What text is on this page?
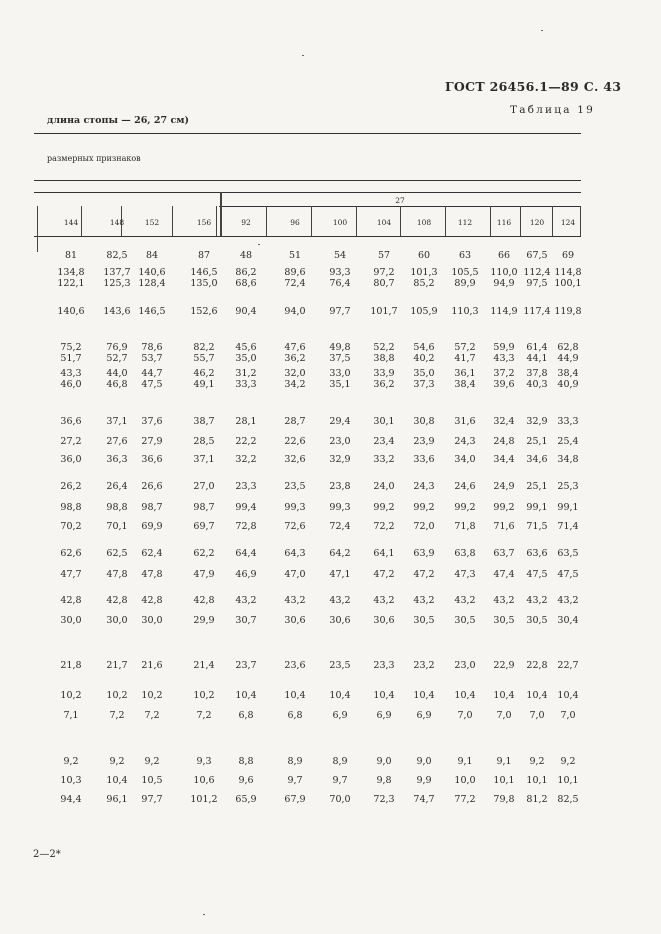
ГОСТ 26456.1—89 С. 43
Таблица 19
длина стопы — 26, 27 см)
размерных признаков
27
144	148	152	156	92	96	100	104	108	112	116	120	124
81	82,5	84	87	48	51	54	57	60	63	66	67,5	69
134,8	137,7 140,6	146,5	86,2	89,6	93,3	97,2	101,3	105,5	110,0 112,4 114,8
122,1	125,3 128,4	135,0	68,6	72,4	76,4	80,7	85,2	89,9	94,9	97,5 100,1
140,6	143,6 146,5	152,6	90,4	94,0	97,7	101,7	105,9	110,3	114,9 117,4 119,8
75,2	76,9	78,6	82,2	45,6	47,6	49,8	52,2	54,6	57,2	59,9	61,4	62,8
51,7	52,7	53,7	55,7	35,0	36,2	37,5	38,8	40,2	41,7	43,3	44,1	44,9
43,3	44,0	44,7	46,2	31,2	32,0	33,0	33,9	35,0	36,1	37,2	37,8	38,4
46,0	46,8	47,5	49,1	33,3	34,2	35,1	36,2	37,3	38,4	39,6	40,3	40,9
36,6	37,1	37,6	38,7	28,1	28,7	29,4	30,1	30,8	31,6	32,4	32,9	33,3
27,2	27,6	27,9	28,5	22,2	22,6	23,0	23,4	23,9	24,3	24,8	25,1	25,4
36,0	36,3	36,6	37,1	32,2	32,6	32,9	33,2	33,6	34,0	34,4	34,6	34,8
26,2	26,4	26,6	27,0	23,3	23,5	23,8	24,0	24,3	24,6	24,9	25,1	25,3
98,8	98,8	98,7	98,7	99,4	99,3	99,3	99,2	99,2	99,2	99,2	99,1	99,1
70,2	70,1	69,9	69,7	72,8	72,6	72,4	72,2	72,0	71,8	71,6	71,5	71,4
62,6	62,5	62,4	62,2	64,4	64,3	64,2	64,1	63,9	63,8	63,7	63,6	63,5
47,7	47,8	47,8	47,9	46,9	47,0	47,1	47,2	47,2	47,3	47,4	47,5	47,5
42,8	42,8	42,8	42,8	43,2	43,2	43,2	43,2	43,2	43,2	43,2	43,2	43,2
30,0	30,0	30,0	29,9	30,7	30,6	30,6	30,6	30,5	30,5	30,5	30,5	30,4
21,8	21,7	21,6	21,4	23,7	23,6	23,5	23,3	23,2	23,0	22,9	22,8	22,7
10,2	10,2	10,2	10,2	10,4	10,4	10,4	10,4	10,4	10,4	10,4	10,4	10,4
7,1	7,2	7,2	7,2	6,8	6,8	6,9	6,9	6,9	7,0	7,0	7,0	7,0
9,2	9,2	9,2	9,3	8,8	8,9	8,9	9,0	9,0	9,1	9,1	9,2	9,2
10,3	10,4	10,5	10,6	9,6	9,7	9,7	9,8	9,9	10,0	10,1	10,1	10,1
94,4	96,1	97,7	101,2	65,9	67,9	70,0	72,3	74,7	77,2	79,8	81,2	82,5
2—2*
